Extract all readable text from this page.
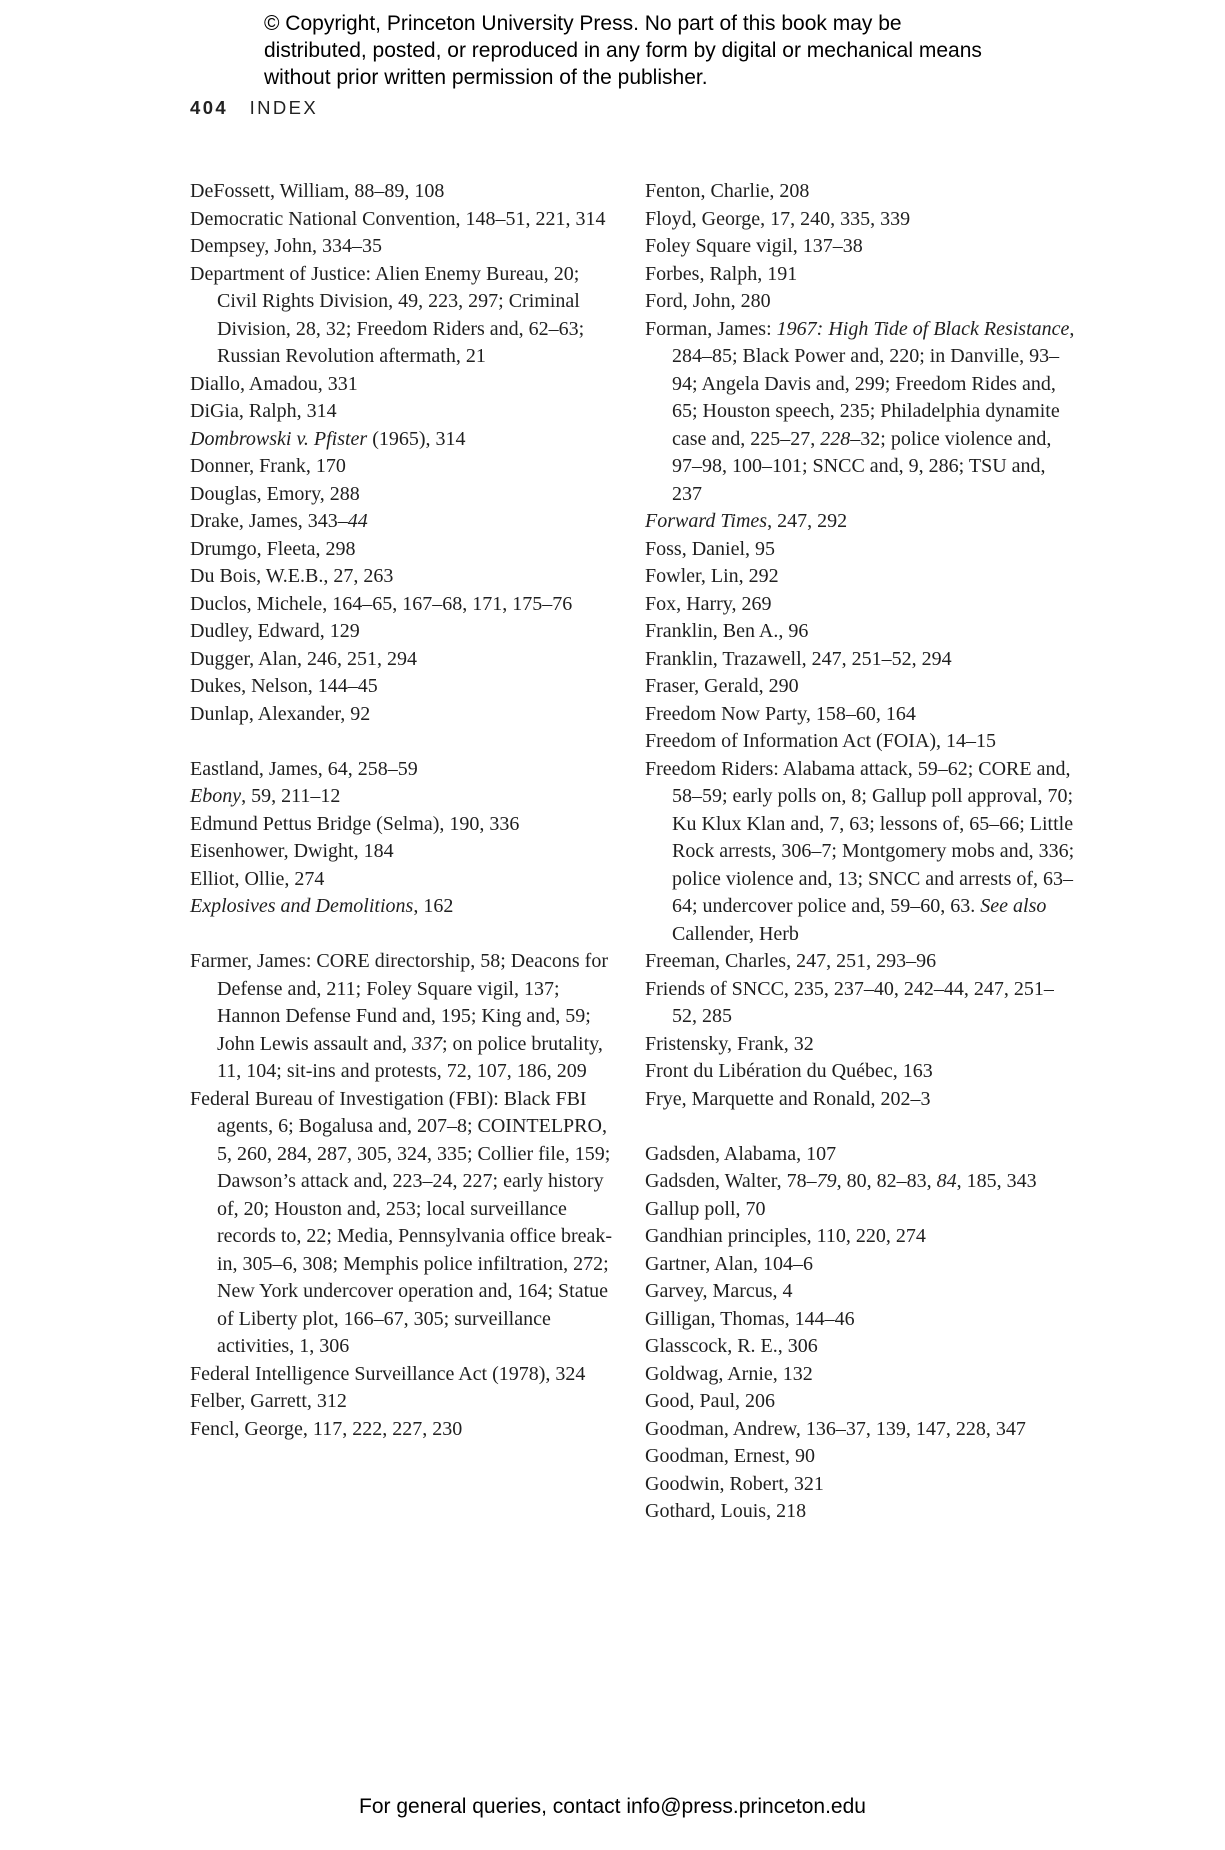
© Copyright, Princeton University Press. No part of this book may be distributed, posted, or reproduced in any form by digital or mechanical means without prior written permission of the publisher.
404 INDEX
DeFossett, William, 88–89, 108
Democratic National Convention, 148–51, 221, 314
Dempsey, John, 334–35
Department of Justice: Alien Enemy Bureau, 20; Civil Rights Division, 49, 223, 297; Criminal Division, 28, 32; Freedom Riders and, 62–63; Russian Revolution aftermath, 21
Diallo, Amadou, 331
DiGia, Ralph, 314
Dombrowski v. Pfister (1965), 314
Donner, Frank, 170
Douglas, Emory, 288
Drake, James, 343–44
Drumgo, Fleeta, 298
Du Bois, W.E.B., 27, 263
Duclos, Michele, 164–65, 167–68, 171, 175–76
Dudley, Edward, 129
Dugger, Alan, 246, 251, 294
Dukes, Nelson, 144–45
Dunlap, Alexander, 92
Eastland, James, 64, 258–59
Ebony, 59, 211–12
Edmund Pettus Bridge (Selma), 190, 336
Eisenhower, Dwight, 184
Elliot, Ollie, 274
Explosives and Demolitions, 162
Farmer, James: CORE directorship, 58; Deacons for Defense and, 211; Foley Square vigil, 137; Hannon Defense Fund and, 195; King and, 59; John Lewis assault and, 337; on police brutality, 11, 104; sit-ins and protests, 72, 107, 186, 209
Federal Bureau of Investigation (FBI): Black FBI agents, 6; Bogalusa and, 207–8; COINTELPRO, 5, 260, 284, 287, 305, 324, 335; Collier file, 159; Dawson’s attack and, 223–24, 227; early history of, 20; Houston and, 253; local surveillance records to, 22; Media, Pennsylvania office break-in, 305–6, 308; Memphis police infiltration, 272; New York undercover operation and, 164; Statue of Liberty plot, 166–67, 305; surveillance activities, 1, 306
Federal Intelligence Surveillance Act (1978), 324
Felber, Garrett, 312
Fencl, George, 117, 222, 227, 230
Fenton, Charlie, 208
Floyd, George, 17, 240, 335, 339
Foley Square vigil, 137–38
Forbes, Ralph, 191
Ford, John, 280
Forman, James: 1967: High Tide of Black Resistance, 284–85; Black Power and, 220; in Danville, 93–94; Angela Davis and, 299; Freedom Rides and, 65; Houston speech, 235; Philadelphia dynamite case and, 225–27, 228–32; police violence and, 97–98, 100–101; SNCC and, 9, 286; TSU and, 237
Forward Times, 247, 292
Foss, Daniel, 95
Fowler, Lin, 292
Fox, Harry, 269
Franklin, Ben A., 96
Franklin, Trazawell, 247, 251–52, 294
Fraser, Gerald, 290
Freedom Now Party, 158–60, 164
Freedom of Information Act (FOIA), 14–15
Freedom Riders: Alabama attack, 59–62; CORE and, 58–59; early polls on, 8; Gallup poll approval, 70; Ku Klux Klan and, 7, 63; lessons of, 65–66; Little Rock arrests, 306–7; Montgomery mobs and, 336; police violence and, 13; SNCC and arrests of, 63–64; undercover police and, 59–60, 63. See also Callender, Herb
Freeman, Charles, 247, 251, 293–96
Friends of SNCC, 235, 237–40, 242–44, 247, 251–52, 285
Fristensky, Frank, 32
Front du Libération du Québec, 163
Frye, Marquette and Ronald, 202–3
Gadsden, Alabama, 107
Gadsden, Walter, 78–79, 80, 82–83, 84, 185, 343
Gallup poll, 70
Gandhian principles, 110, 220, 274
Gartner, Alan, 104–6
Garvey, Marcus, 4
Gilligan, Thomas, 144–46
Glasscock, R. E., 306
Goldwag, Arnie, 132
Good, Paul, 206
Goodman, Andrew, 136–37, 139, 147, 228, 347
Goodman, Ernest, 90
Goodwin, Robert, 321
Gothard, Louis, 218
For general queries, contact info@press.princeton.edu
